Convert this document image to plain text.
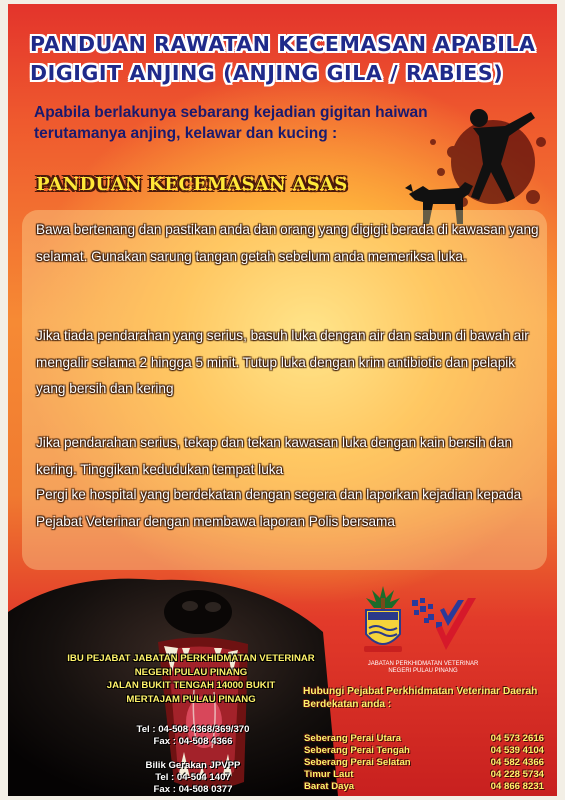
PANDUAN RAWATAN KECEMASAN APABILA
DIGIGIT ANJING (ANJING GILA / RABIES)
Apabila berlakunya sebarang kejadian gigitan haiwan terutamanya anjing, kelawar dan kucing :
PANDUAN KECEMASAN ASAS
Bawa bertenang dan pastikan anda dan orang yang digigit berada di kawasan yang selamat. Gunakan sarung tangan getah sebelum anda memeriksa luka.
Jika tiada pendarahan yang serius, basuh luka dengan air dan sabun di bawah air mengalir selama 2 hingga 5 minit. Tutup luka dengan krim antibiotic dan pelapik yang bersih dan kering
Jika pendarahan serius, tekap dan tekan kawasan luka dengan kain bersih dan kering. Tinggikan kedudukan tempat luka
Pergi ke hospital yang berdekatan dengan segera dan laporkan kejadian kepada Pejabat Veterinar dengan membawa laporan Polis bersama
IBU PEJABAT JABATAN PERKHIDMATAN VETERINAR
NEGERI PULAU PINANG
JALAN BUKIT TENGAH 14000 BUKIT
MERTAJAM PULAU PINANG
Tel : 04-508 4368/369/370
Fax : 04-508 4366
Bilik Gerakan JPVPP
Tel : 04-504 1407
Fax : 04-508 0377
JABATAN PERKHIDMATAN VETERINAR
NEGERI PULAU PINANG
Hubungi Pejabat Perkhidmatan Veterinar Daerah
Berdekatan anda :
Seberang Perai Utara	04 573 2616
Seberang Perai Tengah	04 539 4104
Seberang Perai Selatan	04 582 4366
Timur Laut	04 228 5734
Barat Daya	04 866 8231
